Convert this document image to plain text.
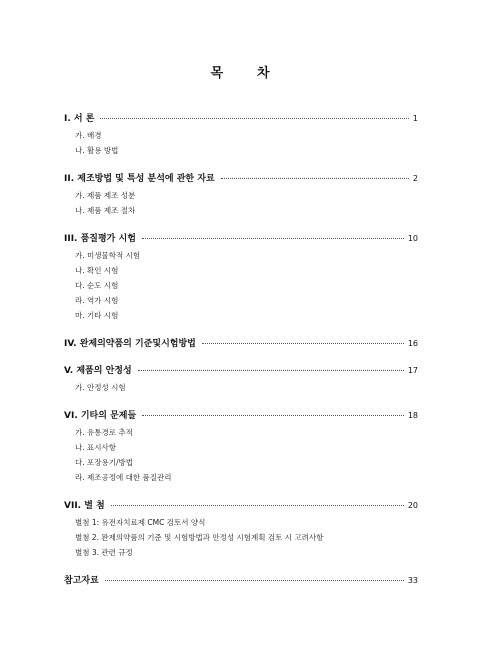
목	차
I. 서 론	1
가. 배경
나. 활용 방법
II. 제조방법 및 특성 분석에 관한 자료	2
가. 제품 제조 성분
나. 제품 제조 절차
III. 품질평가 시험	10
가. 미생물학적 시험
나. 확인 시험
다. 순도 시험
라. 역가 시험
마. 기타 시험
IV. 완제의약품의 기준및시험방법	16
V. 제품의 안정성	17
가. 안정성 시험
VI. 기타의 문제들	18
가. 유통경로 추적
나. 표시사항
다. 포장용기/방법
라. 제조공정에 대한 품질관리
VII. 별 첨	20
별첨 1: 유전자치료제 CMC 검토서 양식
별첨 2. 완제의약품의 기준 및 시험방법과 안정성 시험계획 검토 시 고려사항
별첨 3. 관련 규정
참고자료	33
